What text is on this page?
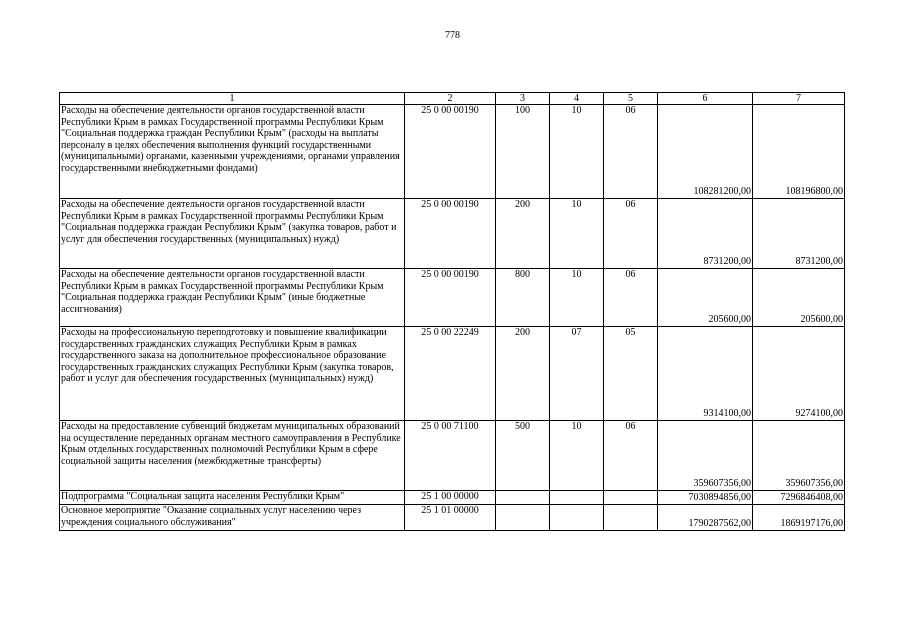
778
1	2	3	4	5	6	7
Расходы на обеспечение деятельности органов государственной власти Республики Крым в рамках Государственной программы Республики Крым "Социальная поддержка граждан Республики Крым" (расходы на выплаты персоналу в целях обеспечения выполнения функций государственными (муниципальными) органами, казенными учреждениями, органами управления государственными внебюджетными фондами)	25 0 00 00190	100	10	06	108281200,00	108196800,00
Расходы на обеспечение деятельности органов государственной власти Республики Крым в рамках Государственной программы Республики Крым "Социальная поддержка граждан Республики Крым" (закупка товаров, работ и услуг для обеспечения государственных (муниципальных) нужд)	25 0 00 00190	200	10	06	8731200,00	8731200,00
Расходы на обеспечение деятельности органов государственной власти Республики Крым в рамках Государственной программы Республики Крым "Социальная поддержка граждан Республики Крым" (иные бюджетные ассигнования)	25 0 00 00190	800	10	06	205600,00	205600,00
Расходы на профессиональную переподготовку и повышение квалификации государственных гражданских служащих Республики Крым в рамках государственного заказа на дополнительное профессиональное образование государственных гражданских служащих Республики Крым (закупка товаров, работ и услуг для обеспечения государственных (муниципальных) нужд)	25 0 00 22249	200	07	05	9314100,00	9274100,00
Расходы на предоставление субвенций бюджетам муниципальных образований на осуществление переданных органам местного самоуправления в Республике Крым отдельных государственных полномочий Республики Крым в сфере социальной защиты населения (межбюджетные трансферты)	25 0 00 71100	500	10	06	359607356,00	359607356,00
Подпрограмма "Социальная защита населения Республики Крым"	25 1 00 00000				7030894856,00	7296846408,00
Основное мероприятие "Оказание социальных услуг населению через учреждения социального обслуживания"	25 1 01 00000				1790287562,00	1869197176,00
